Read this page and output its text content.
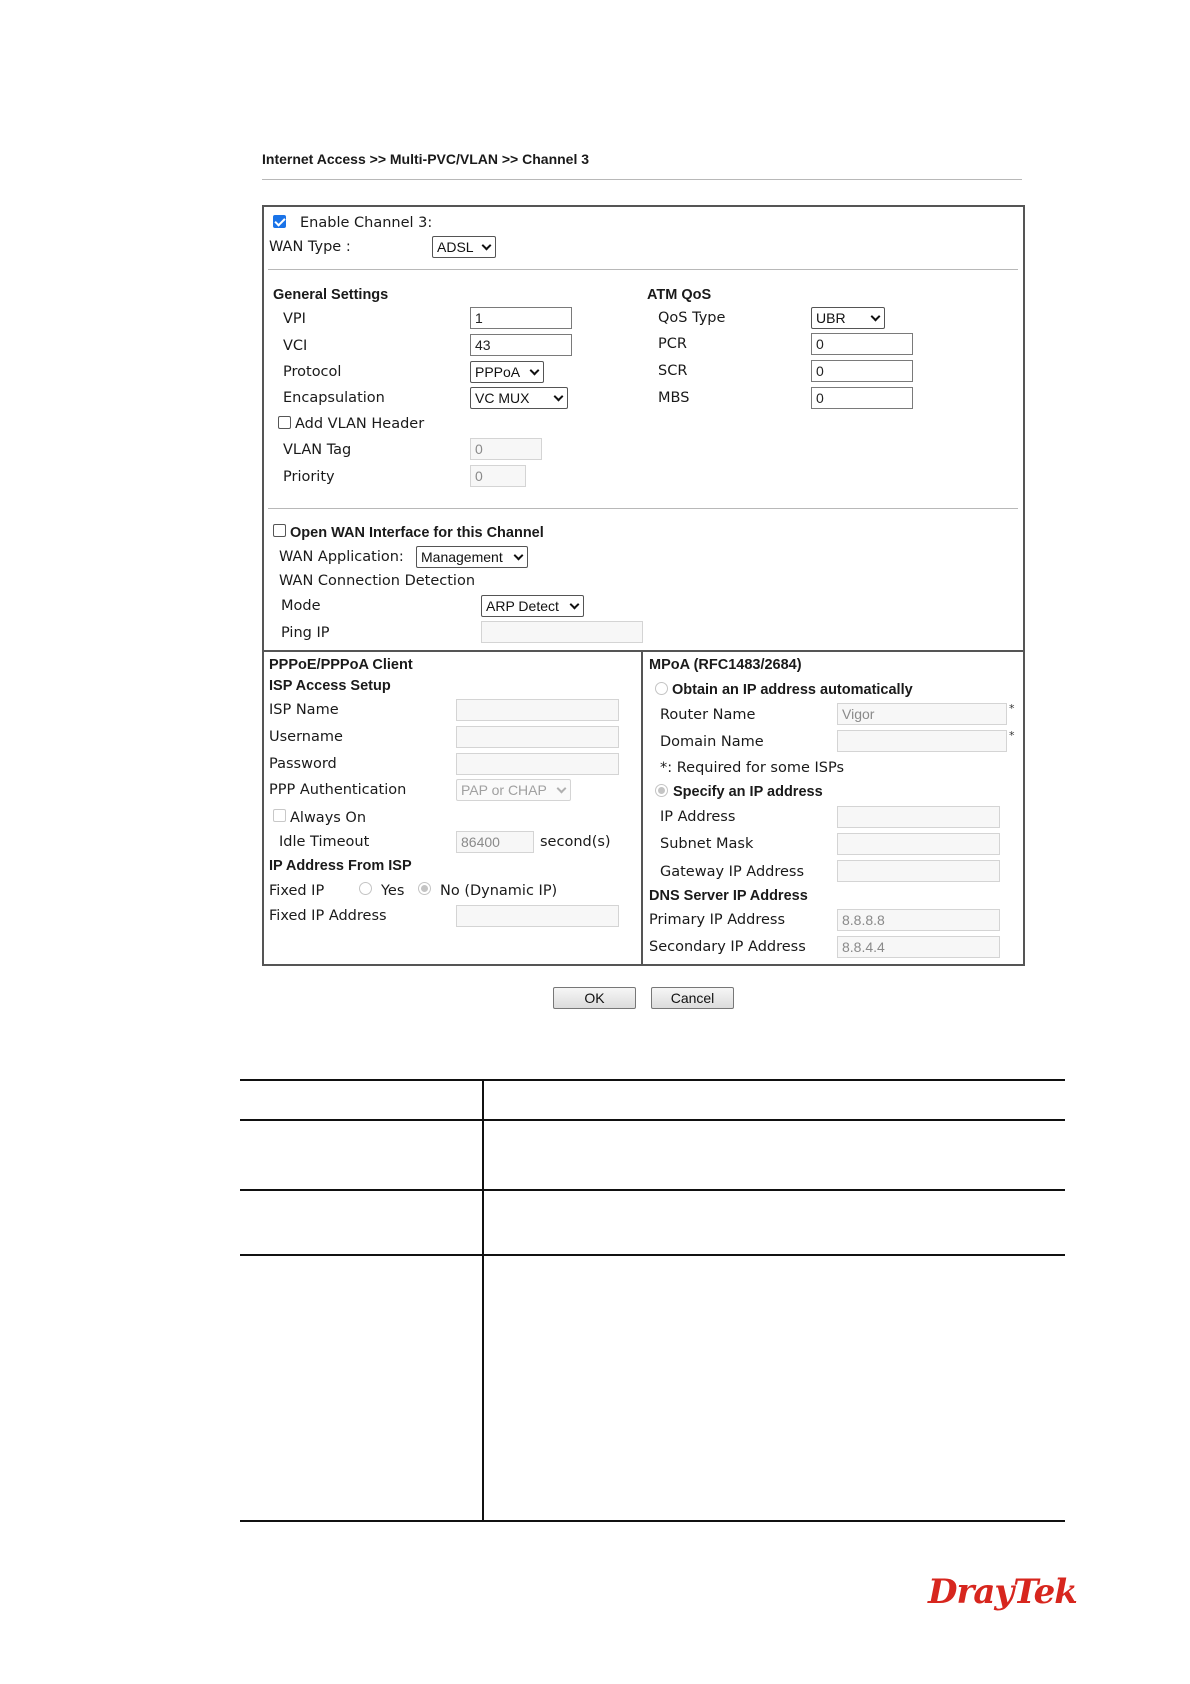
Internet Access >> Multi-PVC/VLAN >> Channel 3
Enable Channel 3:
WAN Type :	ADSL
General Settings
VPI	1
VCI	43
Protocol	PPPoA
Encapsulation	VC MUX
Add VLAN Header
VLAN Tag	0
Priority	0
ATM QoS
QoS Type	UBR
PCR	0
SCR	0
MBS	0
Open WAN Interface for this Channel
WAN Application:	Management
WAN Connection Detection
Mode	ARP Detect
Ping IP
PPPoE/PPPoA Client
ISP Access Setup
ISP Name
Username
Password
PPP Authentication	PAP or CHAP
Always On
Idle Timeout	86400	second(s)
IP Address From ISP
Fixed IP	Yes No (Dynamic IP)
Fixed IP Address
MPoA (RFC1483/2684)
Obtain an IP address automatically
Router Name	Vigor	*
Domain Name	*
*: Required for some ISPs
Specify an IP address
IP Address
Subnet Mask
Gateway IP Address
DNS Server IP Address
Primary IP Address	8.8.8.8
Secondary IP Address	8.8.4.4
OK	Cancel
DrayTek
